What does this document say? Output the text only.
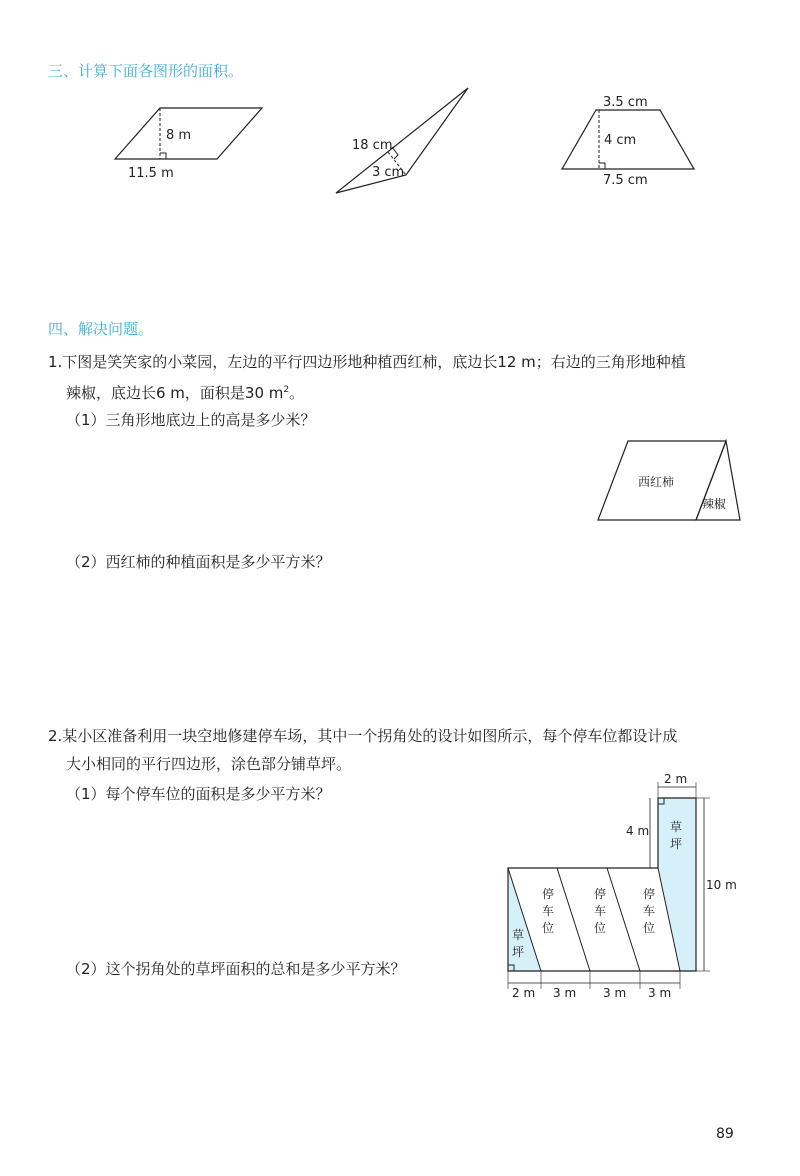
三、计算下面各图形的面积。
8 m
11.5 m
18 cm
3 cm
3.5 cm
4 cm
7.5 cm
四、解决问题。
1.下图是笑笑家的小菜园，左边的平行四边形地种植西红柿，底边长12 m；右边的三角形地种植
辣椒，底边长6 m，面积是30 $m^2$。
（1）三角形地底边上的高是多少米？
西红柿
辣椒
（2）西红柿的种植面积是多少平方米？
2.某小区准备利用一块空地修建停车场，其中一个拐角处的设计如图所示，每个停车位都设计成
大小相同的平行四边形，涂色部分铺草坪。
（1）每个停车位的面积是多少平方米？
（2）这个拐角处的草坪面积的总和是多少平方米？
2 m
4 m
10 m
草
坪
草
坪
停
车
位
停
车
位
停
车
位
2 m 3 m 3 m 3 m
89
